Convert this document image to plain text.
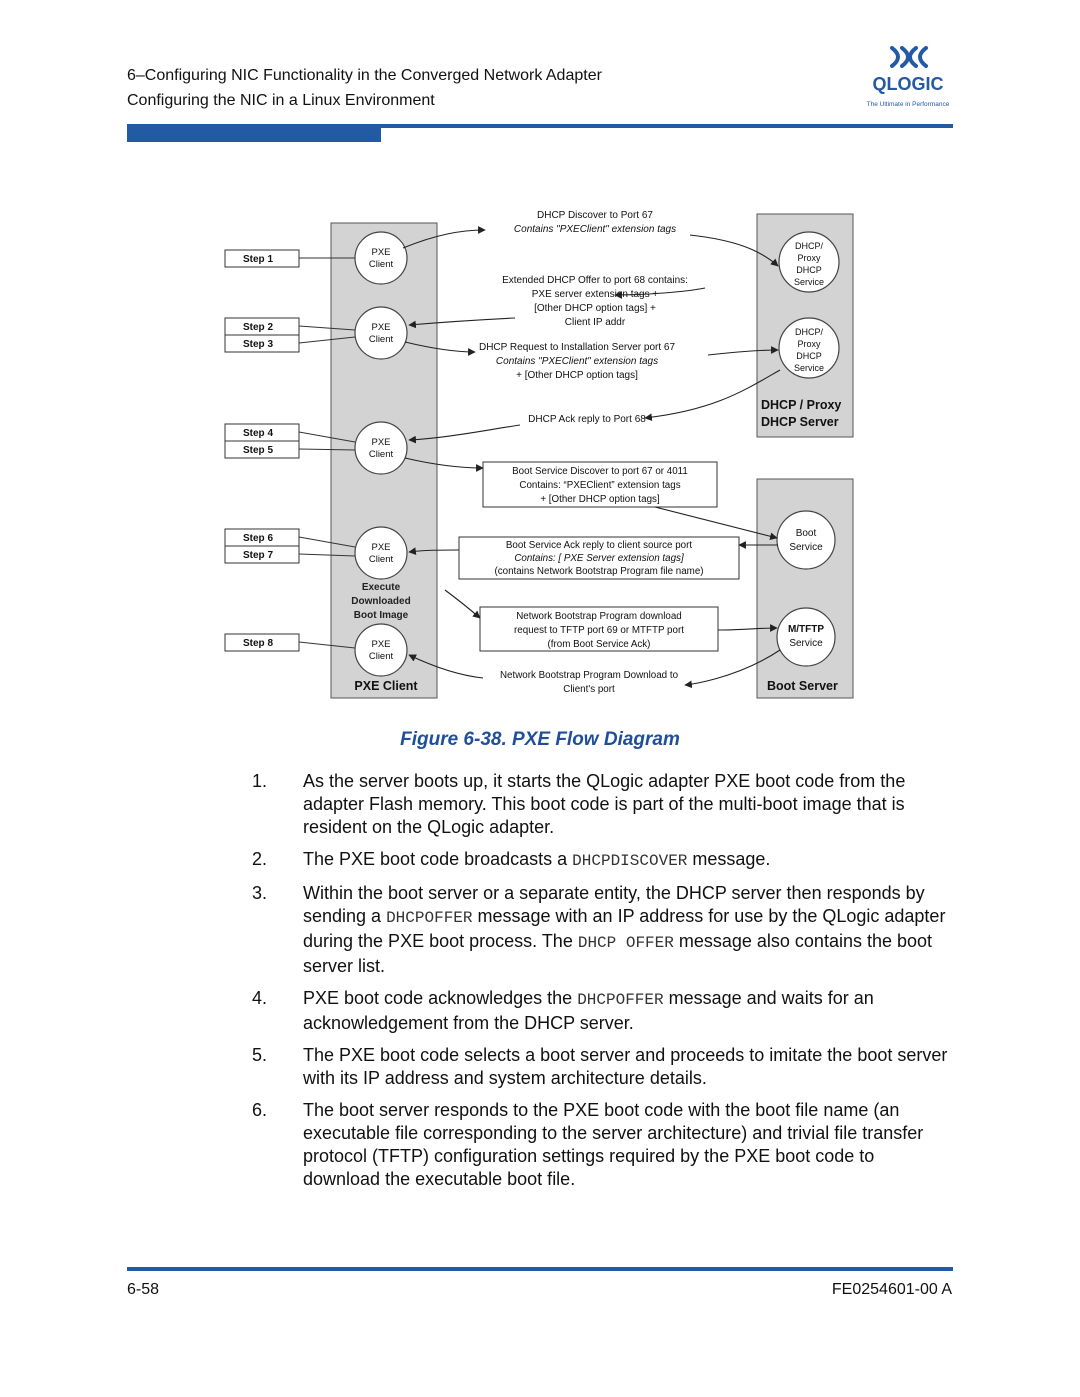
6–Configuring NIC Functionality in the Converged Network Adapter
Configuring the NIC in a Linux Environment
QLOGIC
The Ultimate in Performance
Step 1
Step 2
Step 3
Step 4
Step 5
Step 6
Step 7
Step 8
PXE
Client
PXE
Client
PXE
Client
PXE
Client
PXE
Client
Execute
Downloaded
Boot Image
PXE Client
DHCP/
Proxy
DHCP
Service
DHCP/
Proxy
DHCP
Service
DHCP / Proxy
DHCP Server
Boot
Service
M/TFTP
Service
Boot Server
DHCP Discover to Port 67
Contains "PXEClient" extension tags
Extended DHCP Offer to port 68 contains:
PXE server extension tags +
[Other DHCP option tags] +
Client IP addr
DHCP Request to Installation Server port 67
Contains "PXEClient" extension tags
+ [Other DHCP option tags]
DHCP Ack reply to Port 68
Boot Service Discover to port 67 or 4011
Contains: “PXEClient” extension tags
+ [Other DHCP option tags]
Boot Service Ack reply to client source port
Contains: [ PXE Server extension tags]
(contains Network Bootstrap Program file name)
Network Bootstrap Program download
request to TFTP port 69 or MTFTP port
(from Boot Service Ack)
Network Bootstrap Program Download to
Client's port
Figure 6-38. PXE Flow Diagram
1.	As the server boots up, it starts the QLogic adapter PXE boot code from the adapter Flash memory. This boot code is part of the multi-boot image that is resident on the QLogic adapter.
2.	The PXE boot code broadcasts a DHCPDISCOVER message.
3.	Within the boot server or a separate entity, the DHCP server then responds by sending a DHCPOFFER message with an IP address for use by the QLogic adapter during the PXE boot process. The DHCP OFFER message also contains the boot server list.
4.	PXE boot code acknowledges the DHCPOFFER message and waits for an acknowledgement from the DHCP server.
5.	The PXE boot code selects a boot server and proceeds to imitate the boot server with its IP address and system architecture details.
6.	The boot server responds to the PXE boot code with the boot file name (an executable file corresponding to the server architecture) and trivial file transfer protocol (TFTP) configuration settings required by the PXE boot code to download the executable boot file.
6-58	FE0254601-00 A
